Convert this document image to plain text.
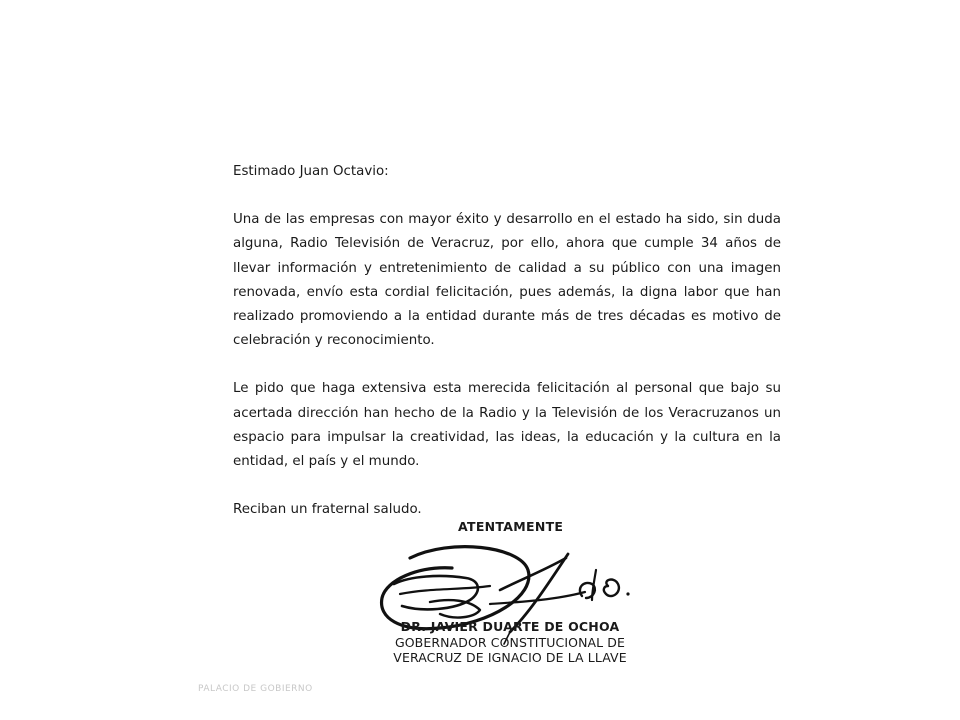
Estimado Juan Octavio:

Una de las empresas con mayor éxito y desarrollo en el estado ha sido, sin duda alguna, Radio Televisión de Veracruz, por ello, ahora que cumple 34 años de llevar información y entretenimiento de calidad a su público con una imagen renovada, envío esta cordial felicitación, pues además, la digna labor que han realizado promoviendo a la entidad durante más de tres décadas es motivo de celebración y reconocimiento.

Le pido que haga extensiva esta merecida felicitación al personal que bajo su acertada dirección han hecho de la Radio y la Televisión de los Veracruzanos un espacio para impulsar la creatividad, las ideas, la educación y la cultura en la entidad, el país y el mundo.

Reciban un fraternal saludo.

ATENTAMENTE
DR. JAVIER DUARTE DE OCHOA
GOBERNADOR CONSTITUCIONAL DE
VERACRUZ DE IGNACIO DE LA LLAVE
PALACIO DE GOBIERNO
